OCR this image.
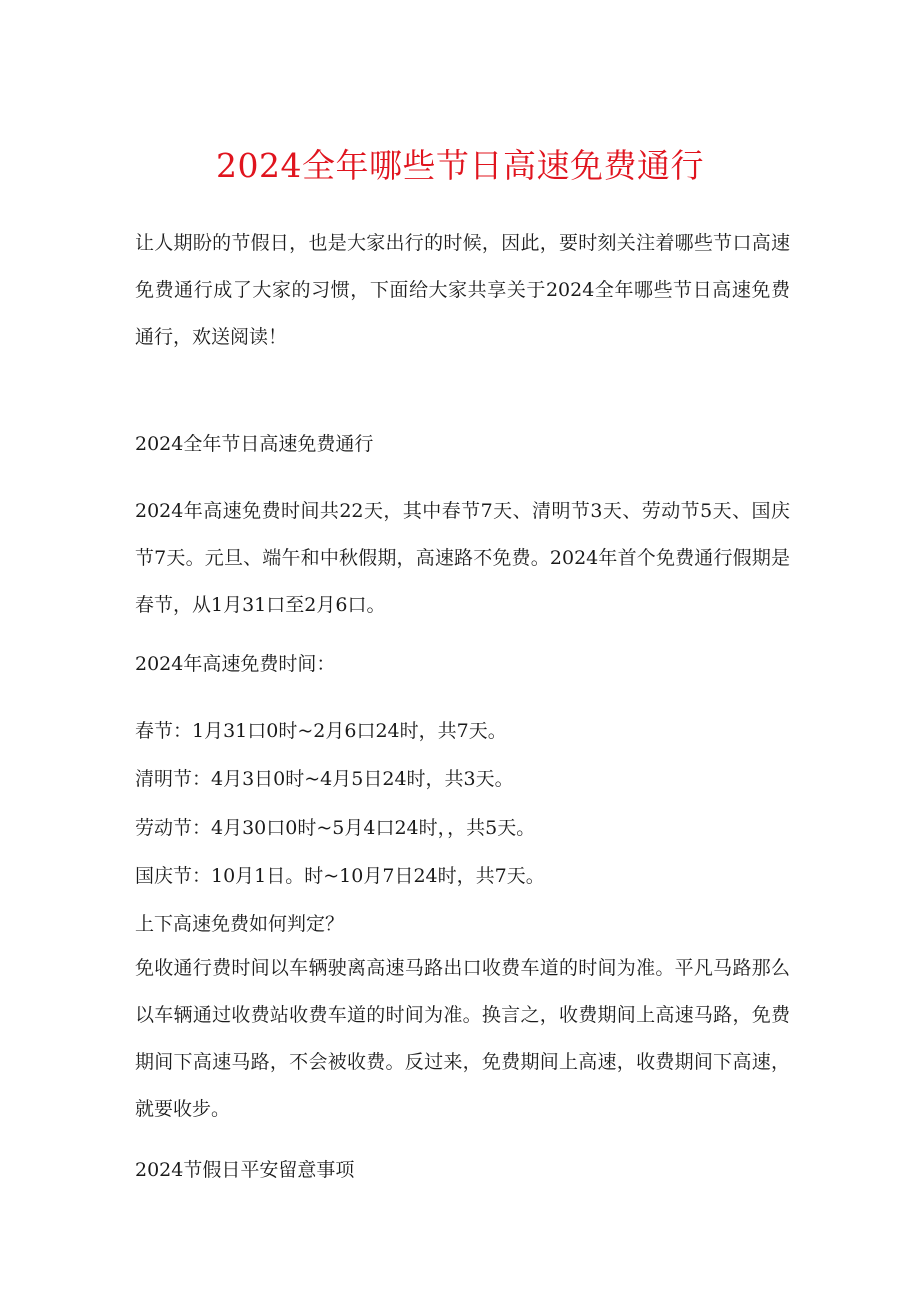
2024全年哪些节日高速免费通行

让人期盼的节假日，也是大家出行的时候，因此，要时刻关注着哪些节口高速免费通行成了大家的习惯，下面给大家共享关于2024全年哪些节日高速免费通行，欢送阅读！

2024全年节日高速免费通行

2024年高速免费时间共22天，其中春节7天、清明节3天、劳动节5天、国庆节7天。元旦、端午和中秋假期，高速路不免费。2024年首个免费通行假期是春节，从1月31口至2月6口。

2024年高速免费时间：
春节：1月31口0时~2月6口24时，共7天。
清明节：4月3日0时~4月5日24时，共3天。
劳动节：4月30口0时~5月4口24时，，共5天。
国庆节：10月1日。时~10月7日24时，共7天。
上下高速免费如何判定？

免收通行费时间以车辆驶离高速马路出口收费车道的时间为准。平凡马路那么以车辆通过收费站收费车道的时间为准。换言之，收费期间上高速马路，免费期间下高速马路，不会被收费。反过来，免费期间上高速，收费期间下高速，就要收步。

2024节假日平安留意事项
